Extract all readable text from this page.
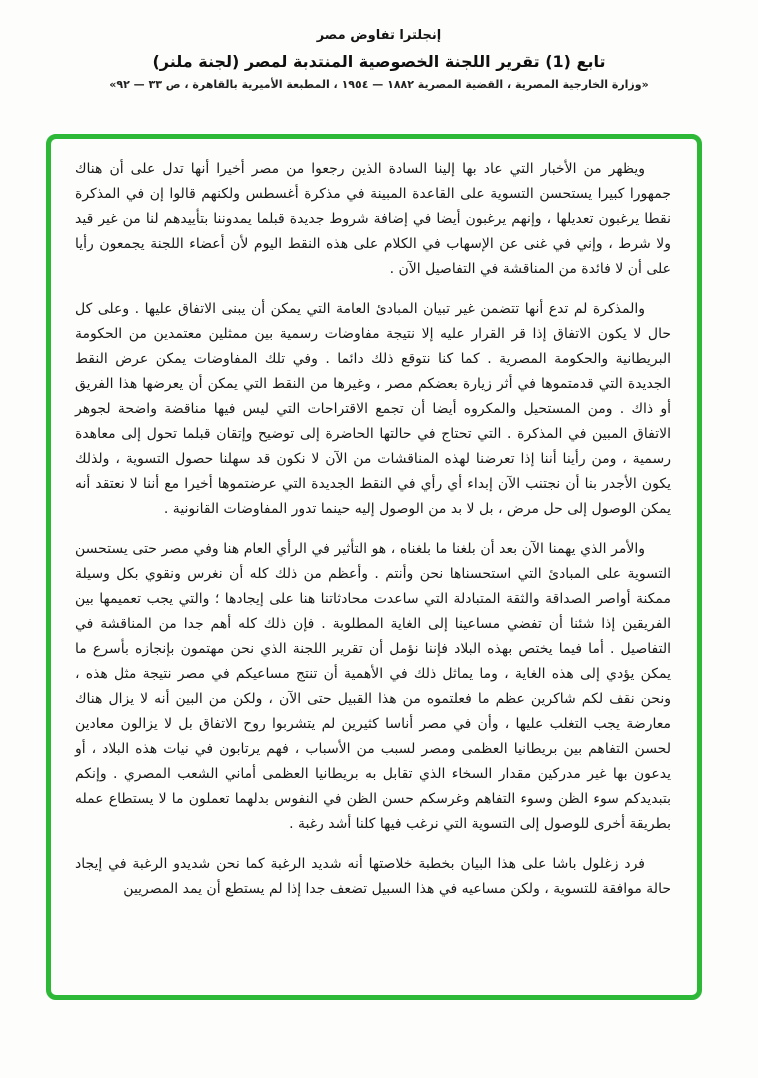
إنجلترا تفاوض مصر
تابع (1) تقرير اللجنة الخصوصية المنتدبة لمصر (لجنة ملنر)
«وزارة الخارجية المصرية ، القضية المصرية ١٨٨٢ — ١٩٥٤ ، المطبعة الأميرية بالقاهرة ، ص ٣٣ — ٩٢»

ويظهر من الأخبار التي عاد بها إلينا السادة الذين رجعوا من مصر أخيرا أنها تدل على أن هناك جمهورا كبيرا يستحسن التسوية على القاعدة المبينة في مذكرة أغسطس ولكنهم قالوا إن في المذكرة نقطا يرغبون تعديلها ، وإنهم يرغبون أيضا في إضافة شروط جديدة قبلما يمدوننا بتأييدهم لنا من غير قيد ولا شرط ، وإني في غنى عن الإسهاب في الكلام على هذه النقط اليوم لأن أعضاء اللجنة يجمعون رأيا على أن لا فائدة من المناقشة في التفاصيل الآن .

والمذكرة لم تدع أنها تتضمن غير تبيان المبادئ العامة التي يمكن أن يبنى الاتفاق عليها . وعلى كل حال لا يكون الاتفاق إذا قر القرار عليه إلا نتيجة مفاوضات رسمية بين ممثلين معتمدين من الحكومة البريطانية والحكومة المصرية . كما كنا نتوقع ذلك دائما . وفي تلك المفاوضات يمكن عرض النقط الجديدة التي قدمتموها في أثر زيارة بعضكم مصر ، وغيرها من النقط التي يمكن أن يعرضها هذا الفريق أو ذاك . ومن المستحيل والمكروه أيضا أن تجمع الاقتراحات التي ليس فيها مناقضة واضحة لجوهر الاتفاق المبين في المذكرة . التي تحتاج في حالتها الحاضرة إلى توضيح وإتقان قبلما تحول إلى معاهدة رسمية ، ومن رأينا أننا إذا تعرضنا لهذه المناقشات من الآن لا نكون قد سهلنا حصول التسوية ، ولذلك يكون الأجدر بنا أن نجتنب الآن إبداء أي رأي في النقط الجديدة التي عرضتموها أخيرا مع أننا لا نعتقد أنه يمكن الوصول إلى حل مرض ، بل لا بد من الوصول إليه حينما تدور المفاوضات القانونية .

والأمر الذي يهمنا الآن بعد أن بلغنا ما بلغناه ، هو التأثير في الرأي العام هنا وفي مصر حتى يستحسن التسوية على المبادئ التي استحسناها نحن وأنتم . وأعظم من ذلك كله أن نغرس ونقوي بكل وسيلة ممكنة أواصر الصداقة والثقة المتبادلة التي ساعدت محادثاتنا هنا على إيجادها ؛ والتي يجب تعميمها بين الفريقين إذا شئنا أن تفضي مساعينا إلى الغاية المطلوبة . فإن ذلك كله أهم جدا من المناقشة في التفاصيل . أما فيما يختص بهذه البلاد فإننا نؤمل أن تقرير اللجنة الذي نحن مهتمون بإنجازه بأسرع ما يمكن يؤدي إلى هذه الغاية ، وما يماثل ذلك في الأهمية أن تنتج مساعيكم في مصر نتيجة مثل هذه ، ونحن نقف لكم شاكرين عظم ما فعلتموه من هذا القبيل حتى الآن ، ولكن من البين أنه لا يزال هناك معارضة يجب التغلب عليها ، وأن في مصر أناسا كثيرين لم يتشربوا روح الاتفاق بل لا يزالون معادين لحسن التفاهم بين بريطانيا العظمى ومصر لسبب من الأسباب ، فهم يرتابون في نيات هذه البلاد ، أو يدعون بها غير مدركين مقدار السخاء الذي تقابل به بريطانيا العظمى أماني الشعب المصري . وإنكم بتبديدكم سوء الظن وسوء التفاهم وغرسكم حسن الظن في النفوس بدلهما تعملون ما لا يستطاع عمله بطريقة أخرى للوصول إلى التسوية التي نرغب فيها كلنا أشد رغبة .

فرد زغلول باشا على هذا البيان بخطبة خلاصتها أنه شديد الرغبة كما نحن شديدو الرغبة في إيجاد حالة موافقة للتسوية ، ولكن مساعيه في هذا السبيل تضعف جدا إذا لم يستطع أن يمد المصريين
